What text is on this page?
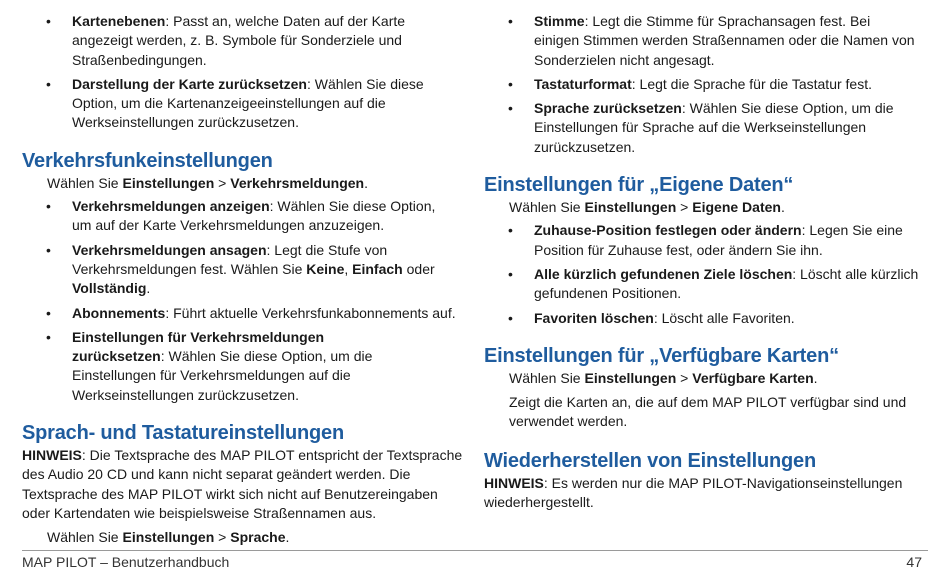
• Kartenebenen: Passt an, welche Daten auf der Karte angezeigt werden, z. B. Symbole für Sonderziele und Straßenbedingungen.
• Darstellung der Karte zurücksetzen: Wählen Sie diese Option, um die Kartenanzeigeeinstellungen auf die Werkseinstellungen zurückzusetzen.
Verkehrsfunkeinstellungen

Wählen Sie Einstellungen > Verkehrsmeldungen.

• Verkehrsmeldungen anzeigen: Wählen Sie diese Option, um auf der Karte Verkehrsmeldungen anzuzeigen.
• Verkehrsmeldungen ansagen: Legt die Stufe von Verkehrsmeldungen fest. Wählen Sie Keine, Einfach oder Vollständig.
• Abonnements: Führt aktuelle Verkehrsfunkabonnements auf.
• Einstellungen für Verkehrsmeldungen zurücksetzen: Wählen Sie diese Option, um die Einstellungen für Verkehrsmeldungen auf die Werkseinstellungen zurückzusetzen.
Sprach- und Tastatureinstellungen

HINWEIS: Die Textsprache des MAP PILOT entspricht der Textsprache des Audio 20 CD und kann nicht separat geändert werden. Die Textsprache des MAP PILOT wirkt sich nicht auf Benutzereingaben oder Kartendaten wie beispielsweise Straßennamen aus.

Wählen Sie Einstellungen > Sprache.

• Stimme: Legt die Stimme für Sprachansagen fest. Bei einigen Stimmen werden Straßennamen oder die Namen von Sonderzielen nicht angesagt.
• Tastaturformat: Legt die Sprache für die Tastatur fest.
• Sprache zurücksetzen: Wählen Sie diese Option, um die Einstellungen für Sprache auf die Werkseinstellungen zurückzusetzen.
Einstellungen für „Eigene Daten“

Wählen Sie Einstellungen > Eigene Daten.

• Zuhause-Position festlegen oder ändern: Legen Sie eine Position für Zuhause fest, oder ändern Sie ihn.
• Alle kürzlich gefundenen Ziele löschen: Löscht alle kürzlich gefundenen Positionen.
• Favoriten löschen: Löscht alle Favoriten.
Einstellungen für „Verfügbare Karten“

Wählen Sie Einstellungen > Verfügbare Karten.

Zeigt die Karten an, die auf dem MAP PILOT verfügbar sind und verwendet werden.

Wiederherstellen von Einstellungen

HINWEIS: Es werden nur die MAP PILOT-Navigationseinstellungen wiederhergestellt.

MAP PILOT – Benutzerhandbuch	47
